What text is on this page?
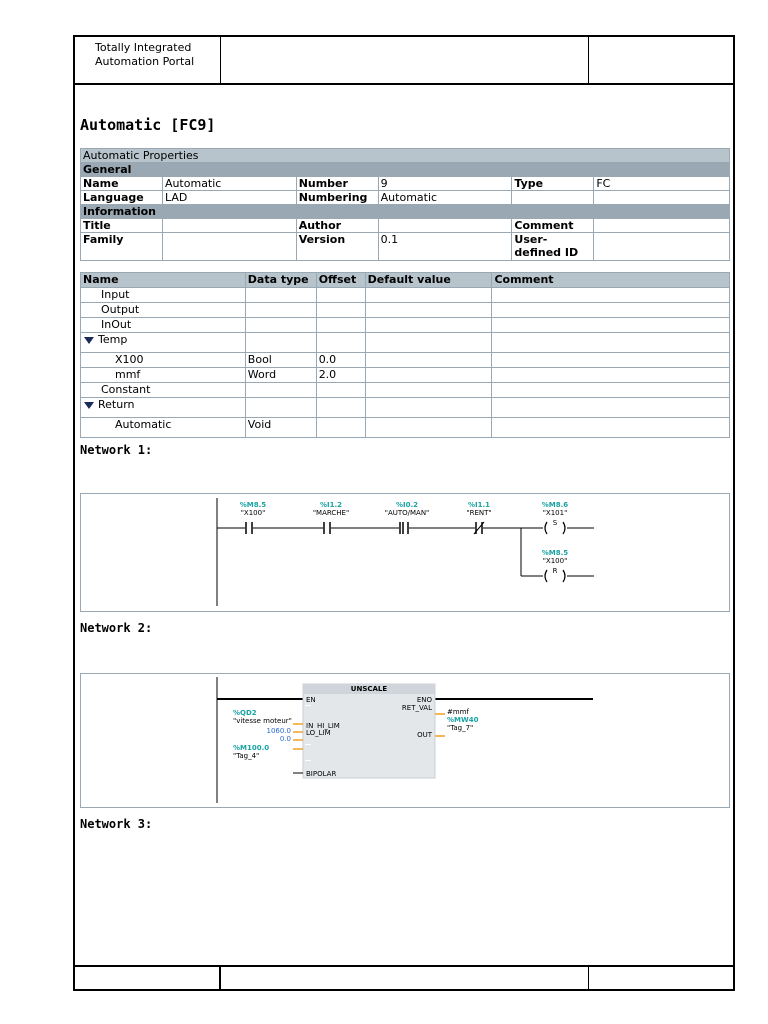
Totally Integrated
Automation Portal
Automatic [FC9]
Automatic Properties					
General					
Name	Automatic	Number	9	Type	FC
Language	LAD	Numbering	Automatic		
Information					
Title		Author		Comment	
Family		Version	0.1	User-defined ID	
Name	Data type	Offset	Default value	Comment
Input				
Output				
InOut				
Temp				
X100	Bool	0.0		
mmf	Word	2.0		
Constant				
Return				
Automatic	Void			
Network 1:
%M8.5
"X100"
%I1.2
"MARCHE"
%I0.2
"AUTO/MAN"
%I1.1
"RENT"
S
%M8.6
"X101"
R
%M8.5
"X100"
Network 2:
UNSCALE
EN	ENO
RET_VAL
IN HI_LIM
LO_LIM	OUT
BIPOLAR
%QD2
"vitesse moteur"
1060.0
0.0
%M100.0
"Tag_4"
#mmf
%MW40
"Tag_7"
Network 3:
